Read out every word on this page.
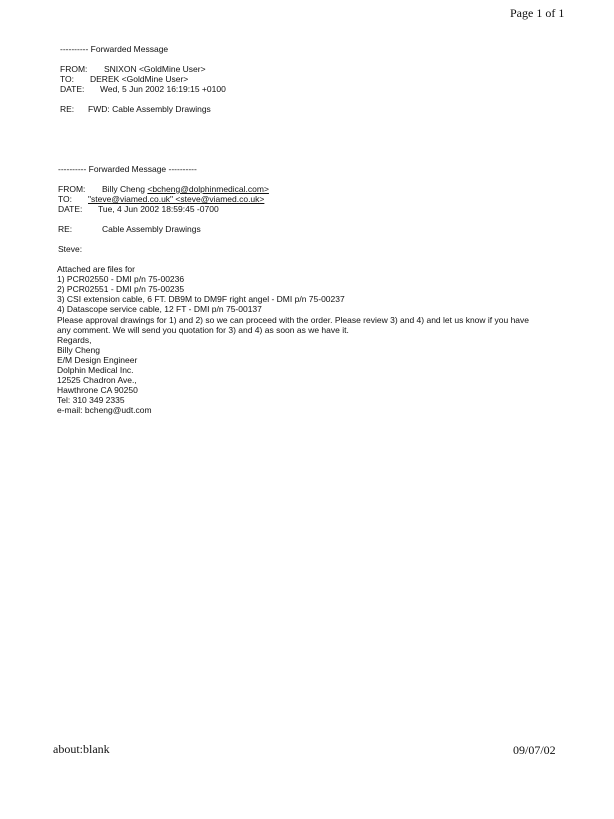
Page 1 of 1
---------- Forwarded Message
FROM: SNIXON <GoldMine User>
TO: DEREK <GoldMine User>
DATE: Wed, 5 Jun 2002 16:19:15 +0100
RE: FWD: Cable Assembly Drawings
---------- Forwarded Message ----------
FROM: Billy Cheng <bcheng@dolphinmedical.com>
TO: "steve@viamed.co.uk" <steve@viamed.co.uk>
DATE: Tue, 4 Jun 2002 18:59:45 -0700
RE:	Cable Assembly Drawings
Steve:
Attached are files for
1) PCR02550 - DMI p/n 75-00236
2) PCR02551 - DMI p/n 75-00235
3) CSI extension cable, 6 FT. DB9M to DM9F right angel - DMI p/n 75-00237
4) Datascope service cable, 12 FT - DMI p/n 75-00137
Please approval drawings for 1) and 2) so we can proceed with the order. Please review 3) and 4) and let us know if you have
any comment. We will send you quotation for 3) and 4) as soon as we have it.
Regards,
Billy Cheng
E/M Design Engineer
Dolphin Medical Inc.
12525 Chadron Ave.,
Hawthrone CA 90250
Tel: 310 349 2335
e-mail: bcheng@udt.com
about:blank	09/07/02
